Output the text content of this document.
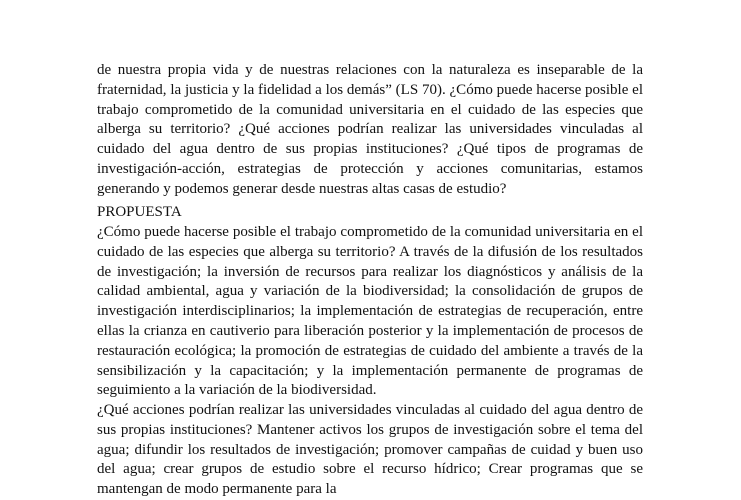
de nuestra propia vida y de nuestras relaciones con la naturaleza es inseparable de la fraternidad, la justicia y la fidelidad a los demás” (LS 70). ¿Cómo puede hacerse posible el trabajo comprometido de la comunidad universitaria en el cuidado de las especies que alberga su territorio? ¿Qué acciones podrían realizar las universidades vinculadas al cuidado del agua dentro de sus propias instituciones? ¿Qué tipos de programas de investigación-acción, estrategias de protección y acciones comunitarias, estamos generando y podemos generar desde nuestras altas casas de estudio?
PROPUESTA
¿Cómo puede hacerse posible el trabajo comprometido de la comunidad universitaria en el cuidado de las especies que alberga su territorio? A través de la difusión de los resultados de investigación; la inversión de recursos para realizar los diagnósticos y análisis de la calidad ambiental, agua y variación de la biodiversidad; la consolidación de grupos de investigación interdisciplinarios; la implementación de estrategias de recuperación, entre ellas la crianza en cautiverio para liberación posterior y la implementación de procesos de restauración ecológica; la promoción de estrategias de cuidado del ambiente a través de la sensibilización y la capacitación; y la implementación permanente de programas de seguimiento a la variación de la biodiversidad.
¿Qué acciones podrían realizar las universidades vinculadas al cuidado del agua dentro de sus propias instituciones? Mantener activos los grupos de investigación sobre el tema del agua; difundir los resultados de investigación; promover campañas de cuidad y buen uso del agua; crear grupos de estudio sobre el recurso hídrico; Crear programas que se mantengan de modo permanente para la
